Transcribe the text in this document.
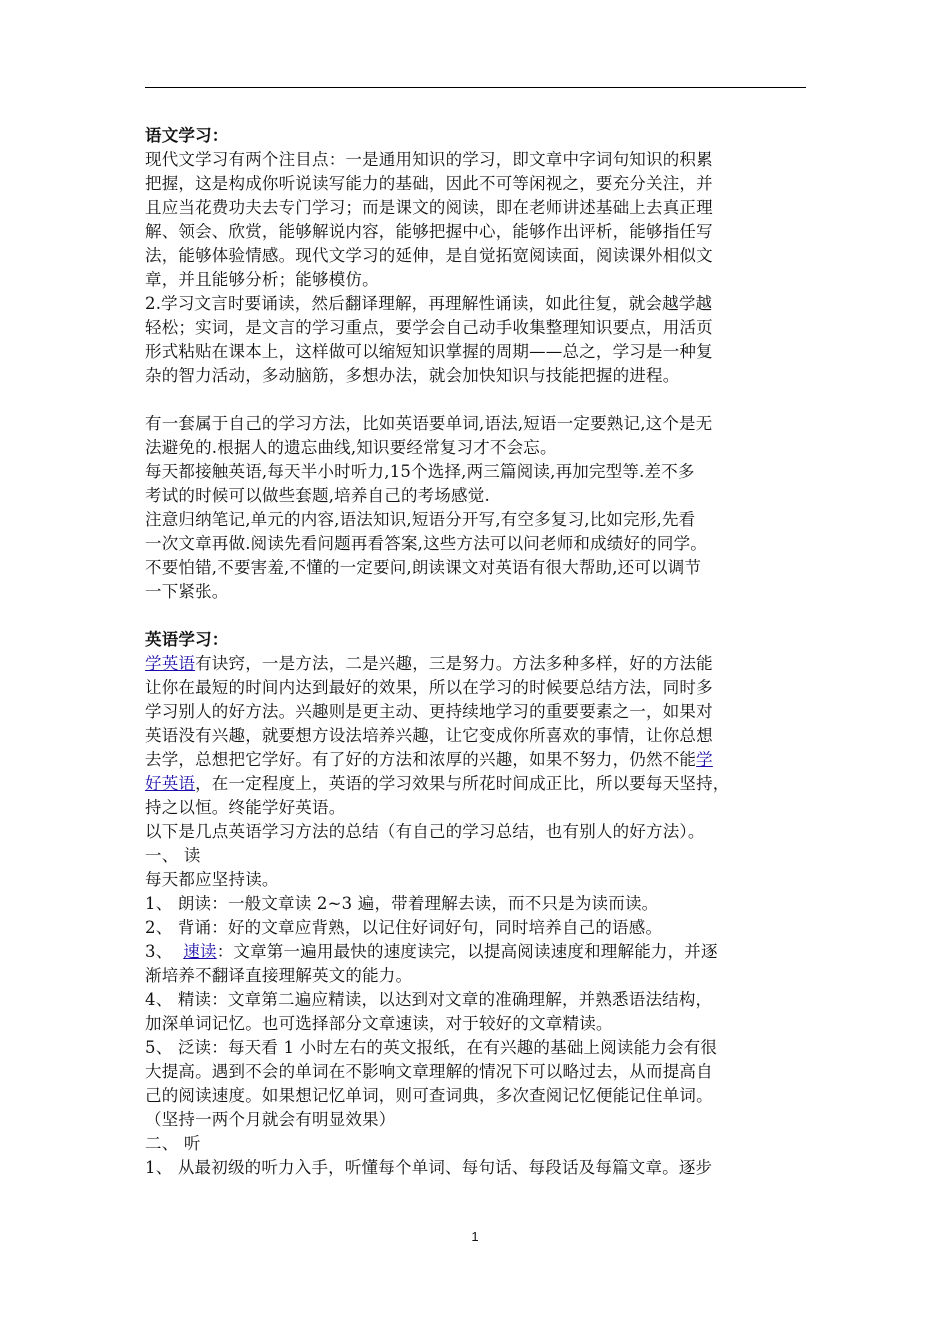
语文学习：
现代文学习有两个注目点：一是通用知识的学习，即文章中字词句知识的积累
把握，这是构成你听说读写能力的基础，因此不可等闲视之，要充分关注，并
且应当花费功夫去专门学习；而是课文的阅读，即在老师讲述基础上去真正理
解、领会、欣赏，能够解说内容，能够把握中心，能够作出评析，能够指任写
法，能够体验情感。现代文学习的延伸，是自觉拓宽阅读面，阅读课外相似文
章，并且能够分析；能够模仿。
2.学习文言时要诵读，然后翻译理解，再理解性诵读，如此往复，就会越学越
轻松；实词，是文言的学习重点，要学会自己动手收集整理知识要点，用活页
形式粘贴在课本上，这样做可以缩短知识掌握的周期——总之，学习是一种复
杂的智力活动，多动脑筋，多想办法，就会加快知识与技能把握的进程。
有一套属于自己的学习方法，比如英语要单词,语法,短语一定要熟记,这个是无
法避免的.根据人的遗忘曲线,知识要经常复习才不会忘。
每天都接触英语,每天半小时听力,15个选择,两三篇阅读,再加完型等.差不多
考试的时候可以做些套题,培养自己的考场感觉.
注意归纳笔记,单元的内容,语法知识,短语分开写,有空多复习,比如完形,先看
一次文章再做.阅读先看问题再看答案,这些方法可以问老师和成绩好的同学。
不要怕错,不要害羞,不懂的一定要问,朗读课文对英语有很大帮助,还可以调节
一下紧张。
英语学习：
学英语有诀窍，一是方法，二是兴趣，三是努力。方法多种多样，好的方法能
让你在最短的时间内达到最好的效果，所以在学习的时候要总结方法，同时多
学习别人的好方法。兴趣则是更主动、更持续地学习的重要要素之一，如果对
英语没有兴趣，就要想方设法培养兴趣，让它变成你所喜欢的事情，让你总想
去学，总想把它学好。有了好的方法和浓厚的兴趣，如果不努力，仍然不能学
好英语，在一定程度上，英语的学习效果与所花时间成正比，所以要每天坚持，
持之以恒。终能学好英语。
以下是几点英语学习方法的总结（有自己的学习总结，也有别人的好方法）。
一、 读
每天都应坚持读。
1、 朗读：一般文章读 2~3 遍，带着理解去读，而不只是为读而读。
2、 背诵：好的文章应背熟，以记住好词好句，同时培养自己的语感。
3、  速读：文章第一遍用最快的速度读完，以提高阅读速度和理解能力，并逐
渐培养不翻译直接理解英文的能力。
4、 精读：文章第二遍应精读，以达到对文章的准确理解，并熟悉语法结构，
加深单词记忆。也可选择部分文章速读，对于较好的文章精读。
5、 泛读：每天看 1 小时左右的英文报纸，在有兴趣的基础上阅读能力会有很
大提高。遇到不会的单词在不影响文章理解的情况下可以略过去，从而提高自
己的阅读速度。如果想记忆单词，则可查词典，多次查阅记忆便能记住单词。
（坚持一两个月就会有明显效果）
二、 听
1、 从最初级的听力入手，听懂每个单词、每句话、每段话及每篇文章。逐步
1
